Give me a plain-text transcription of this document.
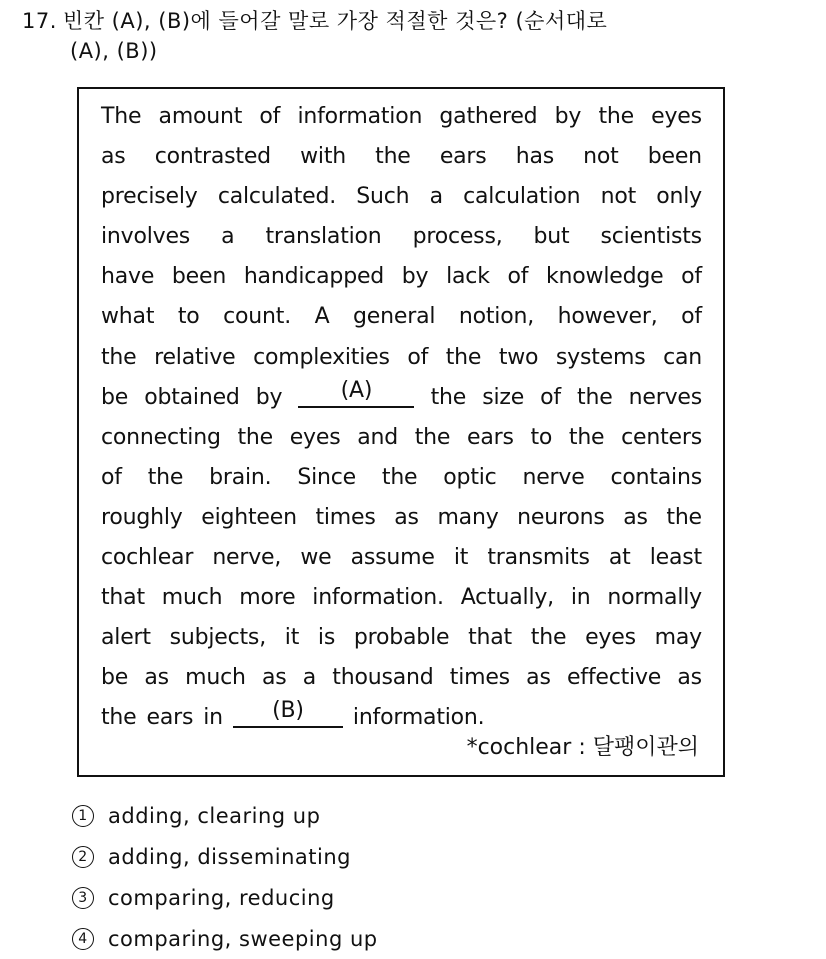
17. 빈칸 (A), (B)에 들어갈 말로 가장 적절한 것은? (순서대로
(A), (B))
The amount of information gathered by the eyes
as contrasted with the ears has not been
precisely calculated. Such a calculation not only
involves a translation process, but scientists
have been handicapped by lack of knowledge of
what to count. A general notion, however, of
the relative complexities of the two systems can
be obtained by	(A)	the size of the nerves
connecting the eyes and the ears to the centers
of the brain. Since the optic nerve contains
roughly eighteen times as many neurons as the
cochlear nerve, we assume it transmits at least
that much more information. Actually, in normally
alert subjects, it is probable that the eyes may
be as much as a thousand times as effective as
the ears in	(B)	information.
*cochlear : 달팽이관의
1 adding, clearing up
2 adding, disseminating
3 comparing, reducing
4 comparing, sweeping up
